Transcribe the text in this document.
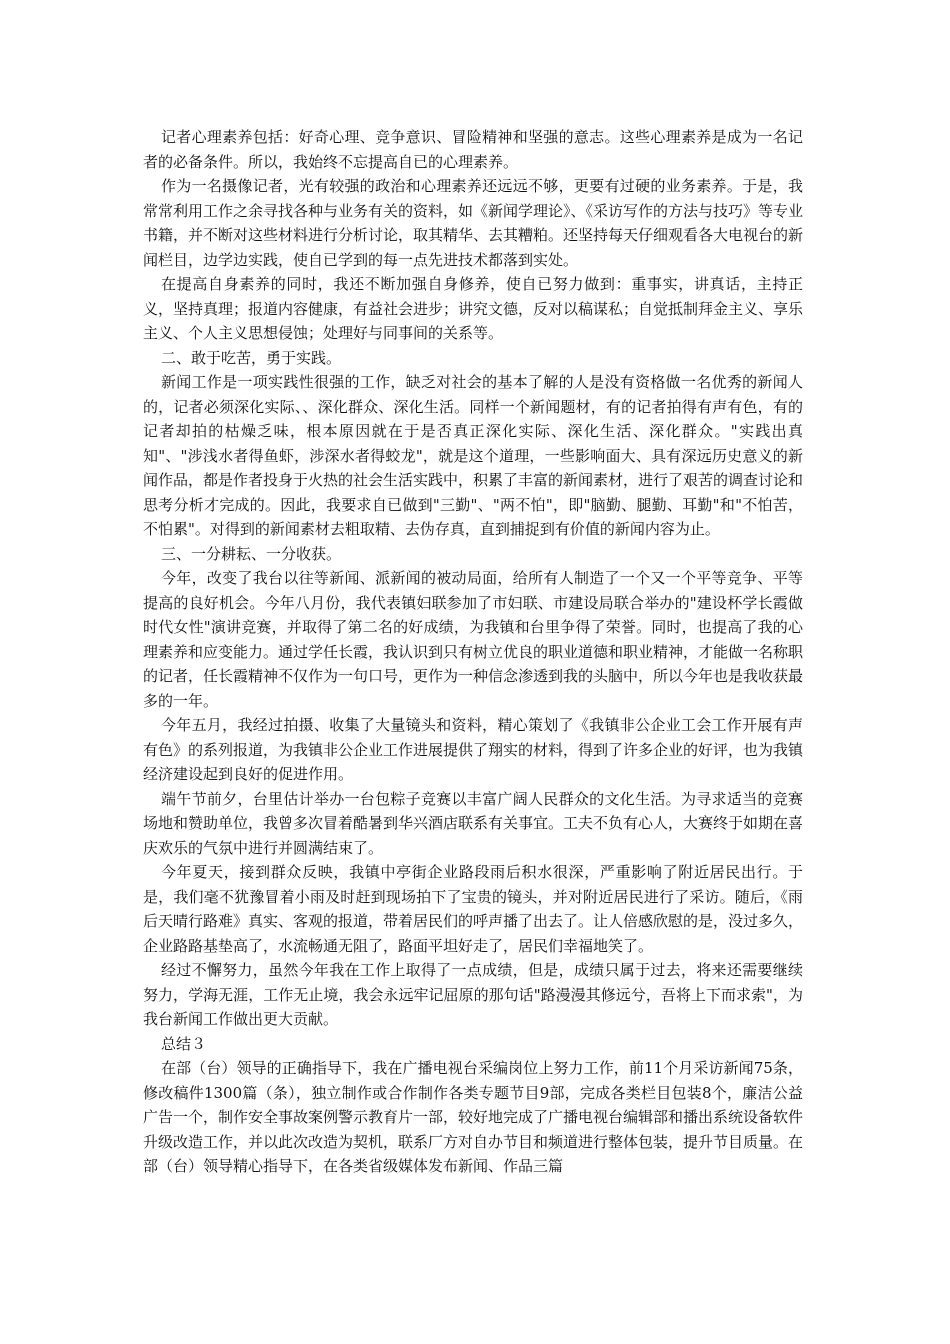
记者心理素养包括：好奇心理、竞争意识、冒险精神和坚强的意志。这些心理素养是成为一名记者的必备条件。所以，我始终不忘提高自已的心理素养。

作为一名摄像记者，光有较强的政治和心理素养还远远不够，更要有过硬的业务素养。于是，我常常利用工作之余寻找各种与业务有关的资料，如《新闻学理论》、《采访写作的方法与技巧》等专业书籍，并不断对这些材料进行分析讨论，取其精华、去其糟粕。还坚持每天仔细观看各大电视台的新闻栏目，边学边实践，使自已学到的每一点先进技术都落到实处。

在提高自身素养的同时，我还不断加强自身修养，使自已努力做到：重事实，讲真话，主持正义，坚持真理；报道内容健康，有益社会进步；讲究文德，反对以稿谋私；自觉抵制拜金主义、享乐主义、个人主义思想侵蚀；处理好与同事间的关系等。

二、敢于吃苦，勇于实践。

新闻工作是一项实践性很强的工作，缺乏对社会的基本了解的人是没有资格做一名优秀的新闻人的，记者必须深化实际、、深化群众、深化生活。同样一个新闻题材，有的记者拍得有声有色，有的记者却拍的枯燥乏味，根本原因就在于是否真正深化实际、深化生活、深化群众。"实践出真知"、"涉浅水者得鱼虾，涉深水者得蛟龙"，就是这个道理，一些影响面大、具有深远历史意义的新闻作品，都是作者投身于火热的社会生活实践中，积累了丰富的新闻素材，进行了艰苦的调查讨论和思考分析才完成的。因此，我要求自已做到"三勤"、"两不怕"，即"脑勤、腿勤、耳勤"和"不怕苦，不怕累"。对得到的新闻素材去粗取精、去伪存真，直到捕捉到有价值的新闻内容为止。

三、一分耕耘、一分收获。

今年，改变了我台以往等新闻、派新闻的被动局面，给所有人制造了一个又一个平等竞争、平等提高的良好机会。今年八月份，我代表镇妇联参加了市妇联、市建设局联合举办的"建设杯学长霞做时代女性"演讲竞赛，并取得了第二名的好成绩，为我镇和台里争得了荣誉。同时，也提高了我的心理素养和应变能力。通过学任长霞，我认识到只有树立优良的职业道德和职业精神，才能做一名称职的记者，任长霞精神不仅作为一句口号，更作为一种信念渗透到我的头脑中，所以今年也是我收获最多的一年。

今年五月，我经过拍摄、收集了大量镜头和资料，精心策划了《我镇非公企业工会工作开展有声有色》的系列报道，为我镇非公企业工作进展提供了翔实的材料，得到了许多企业的好评，也为我镇经济建设起到良好的促进作用。

端午节前夕，台里估计举办一台包粽子竞赛以丰富广阔人民群众的文化生活。为寻求适当的竞赛场地和赞助单位，我曾多次冒着酷暑到华兴酒店联系有关事宜。工夫不负有心人，大赛终于如期在喜庆欢乐的气氛中进行并圆满结束了。

今年夏天，接到群众反映，我镇中亭街企业路段雨后积水很深，严重影响了附近居民出行。于是，我们毫不犹豫冒着小雨及时赶到现场拍下了宝贵的镜头，并对附近居民进行了采访。随后，《雨后天晴行路难》真实、客观的报道，带着居民们的呼声播了出去了。让人倍感欣慰的是，没过多久，企业路路基垫高了，水流畅通无阻了，路面平坦好走了，居民们幸福地笑了。

经过不懈努力，虽然今年我在工作上取得了一点成绩，但是，成绩只属于过去，将来还需要继续努力，学海无涯，工作无止境，我会永远牢记屈原的那句话"路漫漫其修远兮，吾将上下而求索"，为我台新闻工作做出更大贡献。

总结３

在部（台）领导的正确指导下，我在广播电视台采编岗位上努力工作，前11个月采访新闻75条，修改稿件1300篇（条），独立制作或合作制作各类专题节目9部，完成各类栏目包装8个，廉洁公益广告一个，制作安全事故案例警示教育片一部，较好地完成了广播电视台编辑部和播出系统设备软件升级改造工作，并以此次改造为契机，联系厂方对自办节目和频道进行整体包装，提升节目质量。在部（台）领导精心指导下，在各类省级媒体发布新闻、作品三篇
